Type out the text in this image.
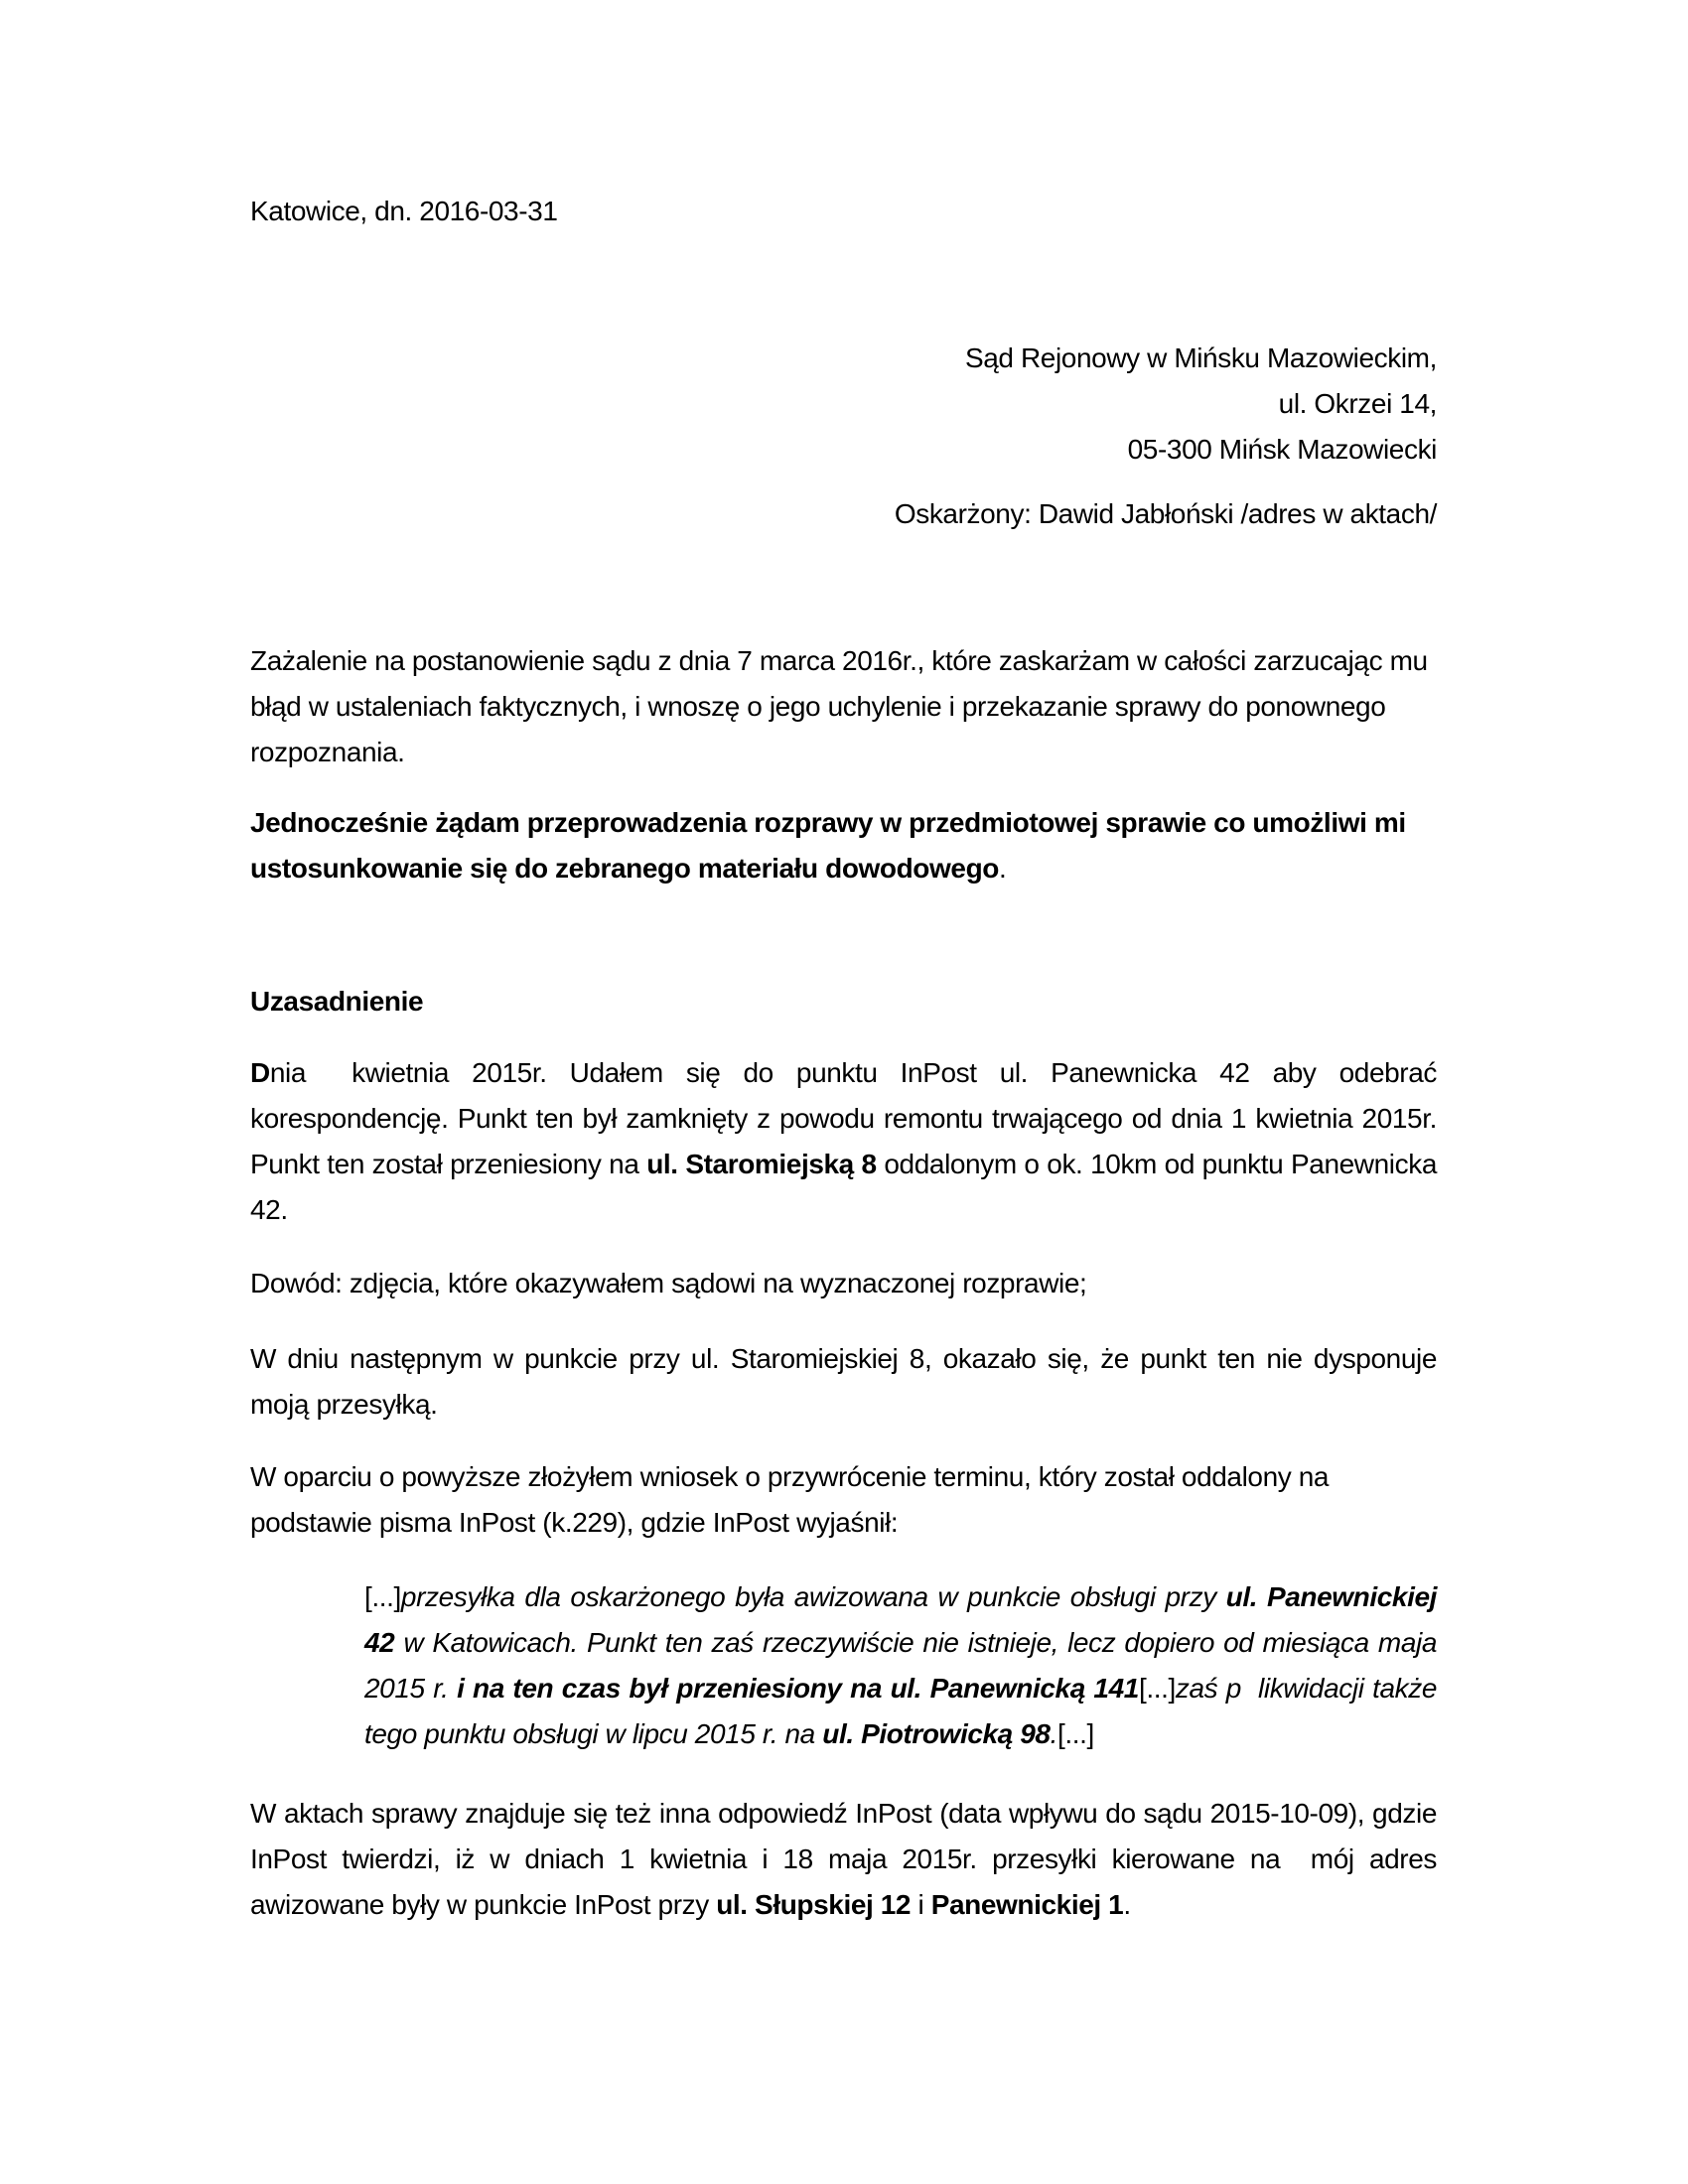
Katowice, dn. 2016-03-31

Sąd Rejonowy w Mińsku Mazowieckim,

ul. Okrzei 14,

05-300 Mińsk Mazowiecki

Oskarżony: Dawid Jabłoński /adres w aktach/

Zażalenie na postanowienie sądu z dnia 7 marca 2016r., które zaskarżam w całości zarzucając mu błąd w ustaleniach faktycznych, i wnoszę o jego uchylenie i przekazanie sprawy do ponownego rozpoznania.

Jednocześnie żądam przeprowadzenia rozprawy w przedmiotowej sprawie co umożliwi mi ustosunkowanie się do zebranego materiału dowodowego.

Uzasadnienie

Dnia  kwietnia 2015r. Udałem się do punktu InPost ul. Panewnicka 42 aby odebrać korespondencję. Punkt ten był zamknięty z powodu remontu trwającego od dnia 1 kwietnia 2015r. Punkt ten został przeniesiony na ul. Staromiejską 8 oddalonym o ok. 10km od punktu Panewnicka 42.

Dowód: zdjęcia, które okazywałem sądowi na wyznaczonej rozprawie;

W dniu następnym w punkcie przy ul. Staromiejskiej 8, okazało się, że punkt ten nie dysponuje moją przesyłką.

W oparciu o powyższe złożyłem wniosek o przywrócenie terminu, który został oddalony na podstawie pisma InPost (k.229), gdzie InPost wyjaśnił:

[...]przesyłka dla oskarżonego była awizowana w punkcie obsługi przy ul. Panewnickiej 42 w Katowicach. Punkt ten zaś rzeczywiście nie istnieje, lecz dopiero od miesiąca maja 2015 r. i na ten czas był przeniesiony na ul. Panewnicką 141[...]zaś p  likwidacji także tego punktu obsługi w lipcu 2015 r. na ul. Piotrowicką 98.[...]

W aktach sprawy znajduje się też inna odpowiedź InPost (data wpływu do sądu 2015-10-09), gdzie InPost twierdzi, iż w dniach 1 kwietnia i 18 maja 2015r. przesyłki kierowane na  mój adres awizowane były w punkcie InPost przy ul. Słupskiej 12 i Panewnickiej 1.
